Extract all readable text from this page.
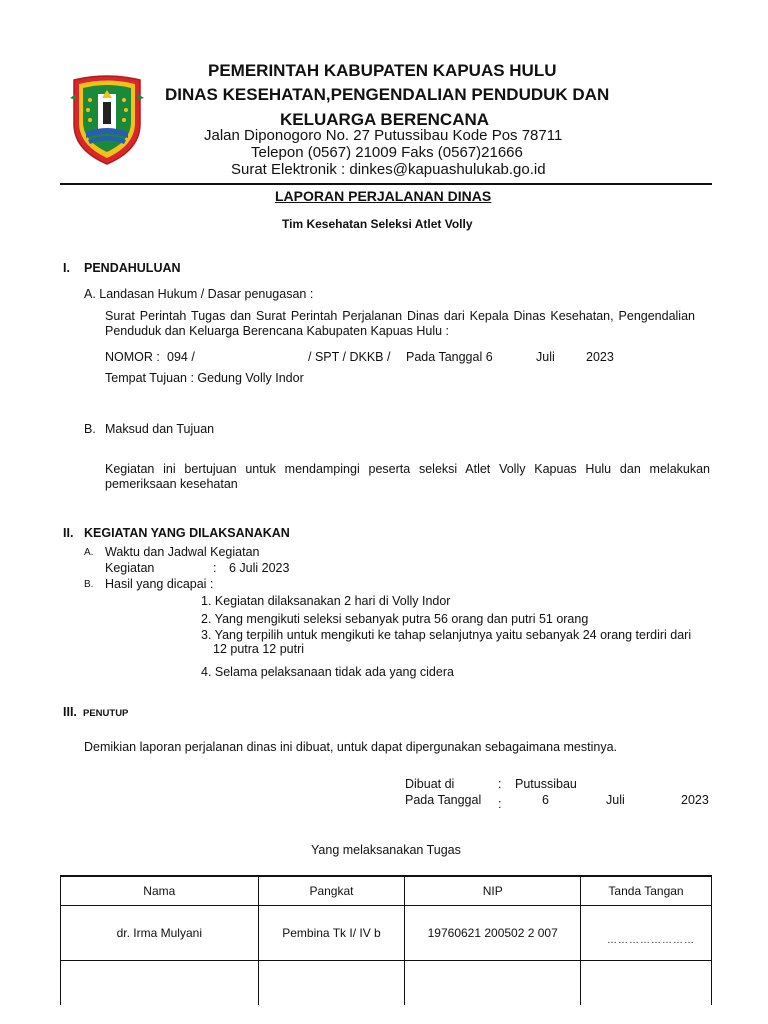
PEMERINTAH KABUPATEN KAPUAS HULU
DINAS KESEHATAN,PENGENDALIAN PENDUDUK DAN
KELUARGA BERENCANA
Jalan Diponogoro No. 27 Putussibau Kode Pos 78711
Telepon (0567) 21009 Faks (0567)21666
Surat Elektronik : dinkes@kapuashulukab.go.id
LAPORAN PERJALANAN DINAS
Tim Kesehatan Seleksi Atlet Volly
I. PENDAHULUAN
A. Landasan Hukum / Dasar penugasan :
Surat Perintah Tugas dan Surat Perintah Perjalanan Dinas dari Kepala Dinas Kesehatan, Pengendalian Penduduk dan Keluarga Berencana Kabupaten Kapuas Hulu :
NOMOR : 094 /	/ SPT / DKKB / Pada Tanggal 6	Juli 2023
Tempat Tujuan : Gedung Volly Indor
B. Maksud dan Tujuan
Kegiatan ini bertujuan untuk mendampingi peserta seleksi Atlet Volly Kapuas Hulu dan melakukan pemeriksaan kesehatan
II. KEGIATAN YANG DILAKSANAKAN
A. Waktu dan Jadwal Kegiatan
Kegiatan	: 6 Juli 2023
B. Hasil yang dicapai :
1. Kegiatan dilaksanakan 2 hari di Volly Indor
2. Yang mengikuti seleksi sebanyak putra 56 orang dan putri 51 orang
3. Yang terpilih untuk mengikuti ke tahap selanjutnya yaitu sebanyak 24 orang terdiri dari
12 putra 12 putri
4. Selama pelaksanaan tidak ada yang cidera
III. PENUTUP
Demikian laporan perjalanan dinas ini dibuat, untuk dapat dipergunakan sebagaimana mestinya.
Dibuat di	: Putussibau
Pada Tanggal :	6	Juli	2023
Yang melaksanakan Tugas
Nama	Pangkat	NIP	Tanda Tangan
dr. Irma Mulyani	Pembina Tk I/ IV b	19760621 200502 2 007	……………………
